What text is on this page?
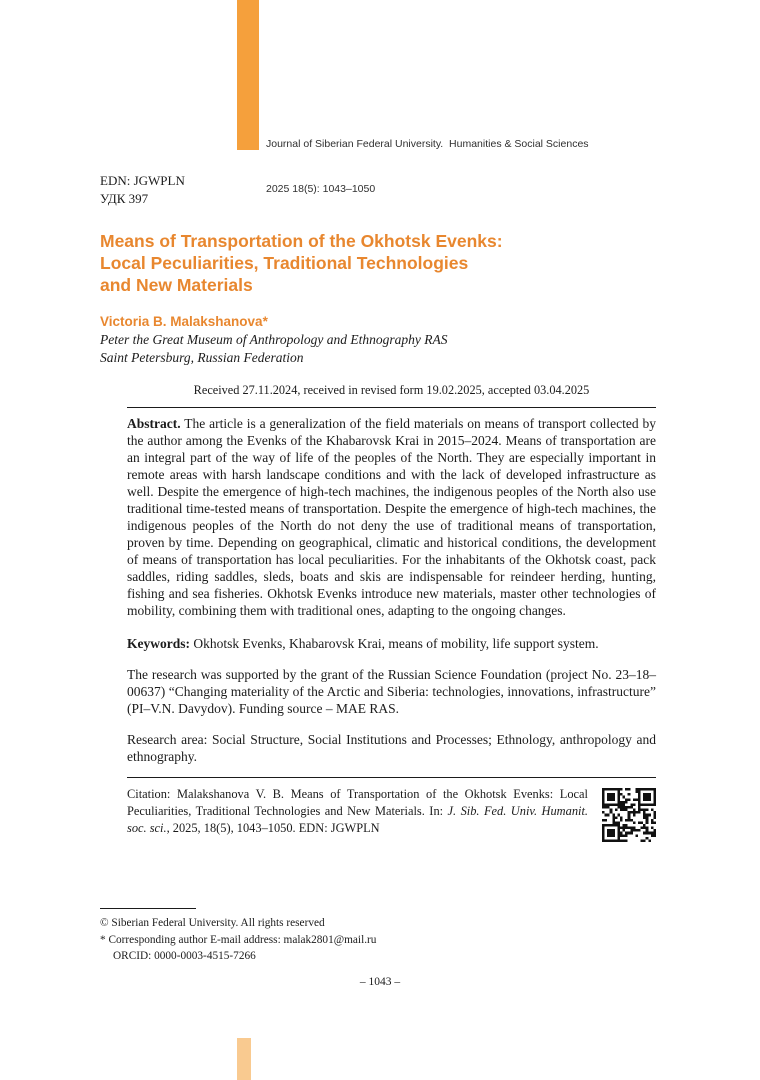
Journal of Siberian Federal University.  Humanities & Social Sciences

2025 18(5): 1043–1050

EDN: JGWPLN
УДК 397
Means of Transportation of the Okhotsk Evenks:
Local Peculiarities, Traditional Technologies
and New Materials
Victoria B. Malakshanova*
Peter the Great Museum of Anthropology and Ethnography RAS
Saint Petersburg, Russian Federation
Received 27.11.2024, received in revised form 19.02.2025, accepted 03.04.2025

Abstract. The article is a generalization of the field materials on means of transport collected by the author among the Evenks of the Khabarovsk Krai in 2015–2024. Means of transportation are an integral part of the way of life of the peoples of the North. They are especially important in remote areas with harsh landscape conditions and with the lack of developed infrastructure as well. Despite the emergence of high-tech machines, the indigenous peoples of the North also use traditional time-tested means of transportation. Despite the emergence of high-tech machines, the indigenous peoples of the North do not deny the use of traditional means of transportation, proven by time. Depending on geographical, climatic and historical conditions, the development of means of transportation has local peculiarities. For the inhabitants of the Okhotsk coast, pack saddles, riding saddles, sleds, boats and skis are indispensable for reindeer herding, hunting, fishing and sea fisheries. Okhotsk Evenks introduce new materials, master other technologies of mobility, combining them with traditional ones, adapting to the ongoing changes.

Keywords: Okhotsk Evenks, Khabarovsk Krai, means of mobility, life support system.

The research was supported by the grant of the Russian Science Foundation (project No. 23–18–00637) “Changing materiality of the Arctic and Siberia: technologies, innovations, infrastructure” (PI–V.N. Davydov). Funding source – MAE RAS.

Research area: Social Structure, Social Institutions and Processes; Ethnology, anthropology and ethnography.

Citation: Malakshanova V. B. Means of Transportation of the Okhotsk Evenks: Local Peculiarities, Traditional Technologies and New Materials. In: J. Sib. Fed. Univ. Humanit. soc. sci., 2025, 18(5), 1043–1050. EDN: JGWPLN

© Siberian Federal University. All rights reserved
* Corresponding author E-mail address: malak2801@mail.ru
ORCID: 0000-0003-4515-7266
– 1043 –
